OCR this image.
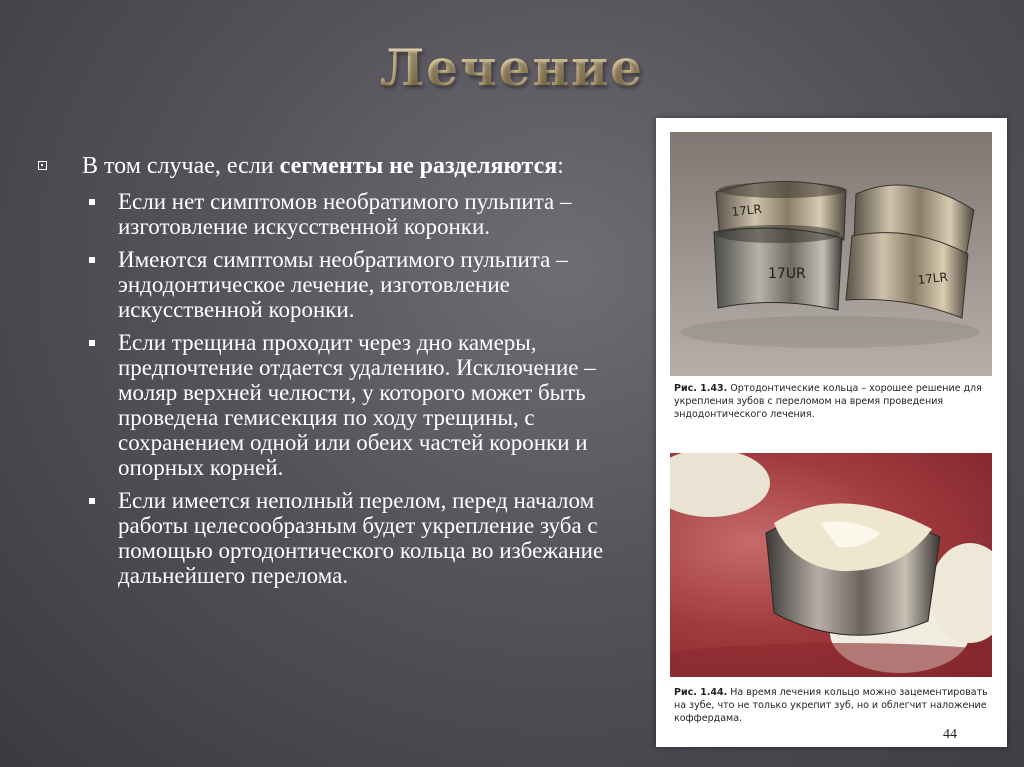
Лечение
В том случае, если сегменты не разделяются:
Если нет симптомов необратимого пульпита – изготовление искусственной коронки.
Имеются симптомы необратимого пульпита – эндодонтическое лечение, изготовление искусственной коронки.
Если трещина проходит через дно камеры, предпочтение отдается удалению. Исключение – моляр верхней челюсти, у которого может быть проведена гемисекция по ходу трещины, с сохранением одной или обеих частей коронки и опорных корней.
Если имеется неполный перелом, перед началом работы целесообразным будет укрепление зуба с помощью ортодонтического кольца во избежание дальнейшего перелома.
17LR
17UR	17LR
Рис. 1.43. Ортодонтические кольца – хорошее решение для укрепления зубов с переломом на время проведения эндодонтического лечения.
Рис. 1.44. На время лечения кольцо можно зацементировать на зубе, что не только укрепит зуб, но и облегчит наложение коффердама.
44
